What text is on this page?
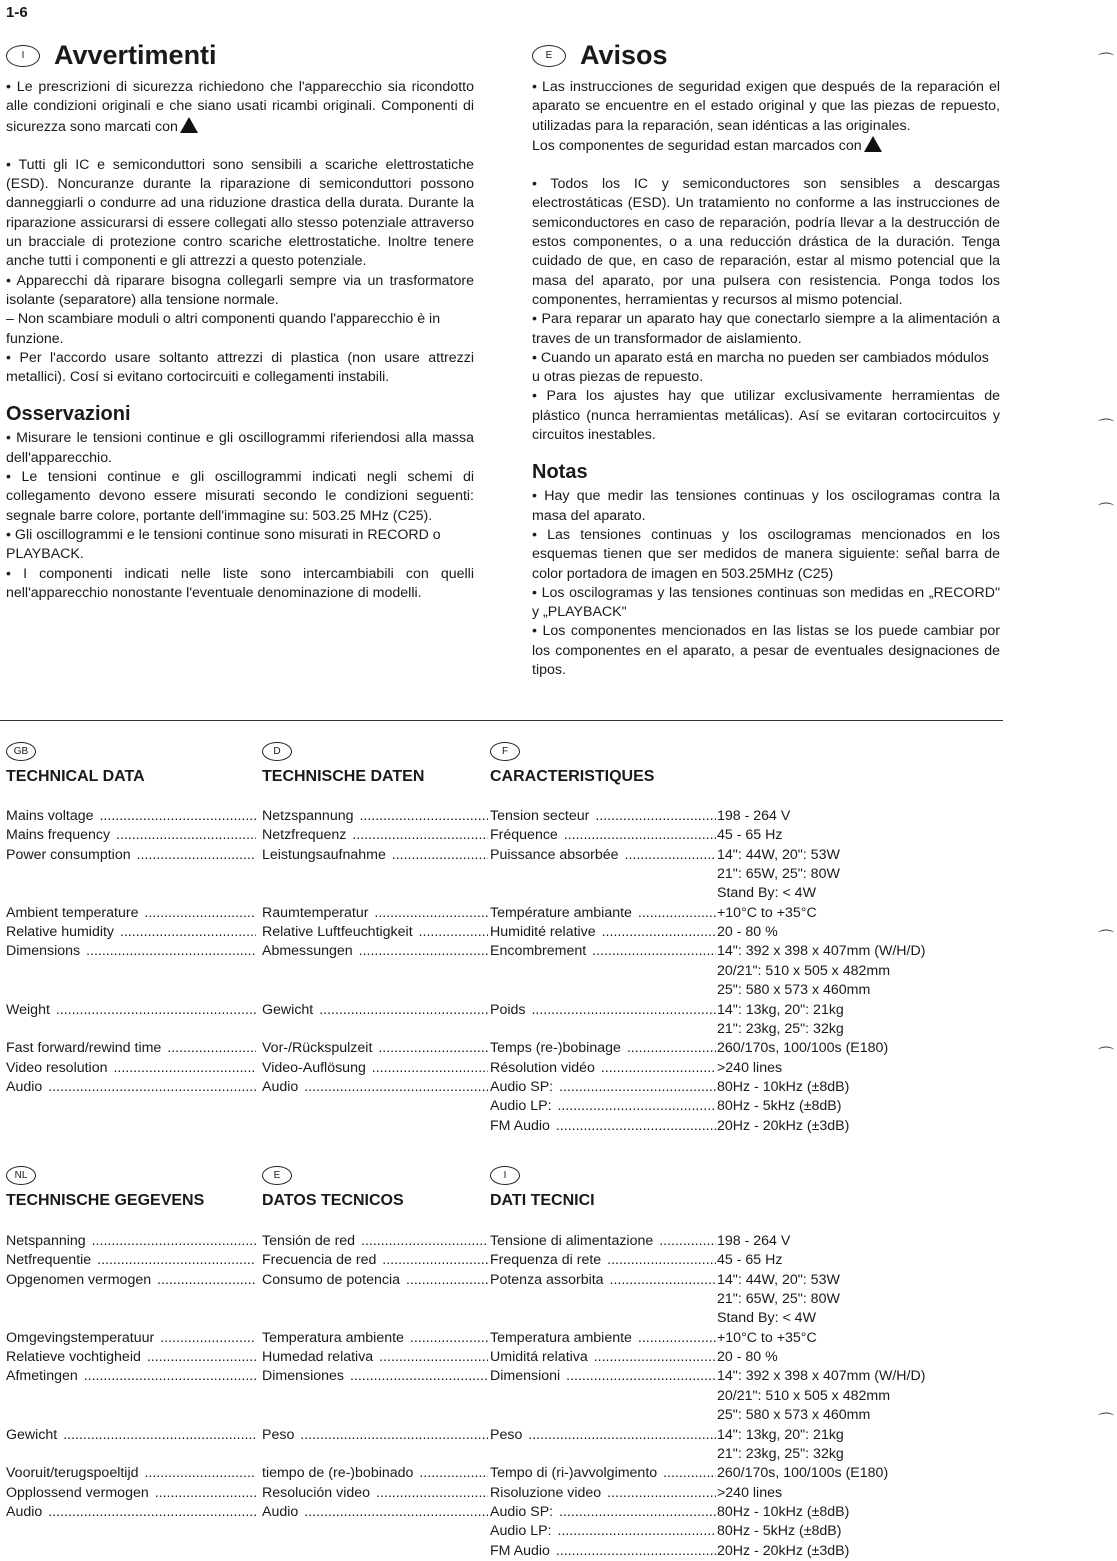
1-6
I	Avvertimenti

• Le prescrizioni di sicurezza richiedono che l'apparecchio sia ricondotto alle condizioni originali e che siano usati ricambi originali. Componenti di sicurezza sono marcati con

• Tutti gli IC e semiconduttori sono sensibili a scariche elettrostatiche (ESD). Noncuranze durante la riparazione di semiconduttori possono danneggiarli o condurre ad una riduzione drastica della durata. Durante la riparazione assicurarsi di essere collegati allo stesso potenziale attraverso un bracciale di protezione contro scariche elettrostatiche. Inoltre tenere anche tutti i componenti e gli attrezzi a questo potenziale.

• Apparecchi dà riparare bisogna collegarli sempre via un trasformatore isolante (separatore) alla tensione normale.

– Non scambiare moduli o altri componenti quando l'apparecchio è in funzione.

• Per l'accordo usare soltanto attrezzi di plastica (non usare attrezzi metallici). Cosí si evitano cortocircuiti e collegamenti instabili.

Osservazioni

• Misurare le tensioni continue e gli oscillogrammi riferiendosi alla massa dell'apparecchio.

• Le tensioni continue e gli oscillogrammi indicati negli schemi di collegamento devono essere misurati secondo le condizioni seguenti: segnale barre colore, portante dell'immagine su: 503.25 MHz (C25).

• Gli oscillogrammi e le tensioni continue sono misurati in RECORD o PLAYBACK.

• I componenti indicati nelle liste sono intercambiabili con quelli nell'apparecchio nonostante l'eventuale denominazione di modelli.

E	Avisos

• Las instrucciones de seguridad exigen que después de la reparación el aparato se encuentre en el estado original y que las piezas de repuesto, utilizadas para la reparación, sean idénticas a las originales.

Los componentes de seguridad estan marcados con

• Todos los IC y semiconductores son sensibles a descargas electrostáticas (ESD). Un tratamiento no conforme a las instrucciones de semiconductores en caso de reparación, podría llevar a la destrucción de estos componentes, o a una reducción drástica de la duración. Tenga cuidado de que, en caso de reparación, estar al mismo potencial que la masa del aparato, por una pulsera con resistencia. Ponga todos los componentes, herramientas y recursos al mismo potencial.

• Para reparar un aparato hay que conectarlo siempre a la alimentación a traves de un transformador de aislamiento.

• Cuando un aparato está en marcha no pueden ser cambiados módulos u otras piezas de repuesto.

• Para los ajustes hay que utilizar exclusivamente herramientas de plástico (nunca herramientas metálicas). Así se evitaran cortocircuitos y circuitos inestables.

Notas

• Hay que medir las tensiones continuas y los oscilogramas contra la masa del aparato.

• Las tensiones continuas y los oscilogramas mencionados en los esquemas tienen que ser medidos de manera siguiente: señal barra de color portadora de imagen en 503.25MHz (C25)

• Los oscilogramas y las tensiones continuas son medidas en „RECORD" y „PLAYBACK"

• Los componentes mencionados en las listas se los puede cambiar por los componentes en el aparato, a pesar de eventuales designaciones de tipos.

GB	D	F
TECHNICAL DATA	TECHNISCHE DATEN	CARACTERISTIQUES
Mains voltage .....	Netzspannung .....	Tension secteur .....	198 - 264 V
Mains frequency .....	Netzfrequenz .....	Fréquence .....	45 - 65 Hz
Power consumption .....	Leistungsaufnahme .....	Puissance absorbée .....	14": 44W, 20": 53W
21": 65W, 25": 80W
Stand By: < 4W
Ambient temperature .....	Raumtemperatur .....	Température ambiante .....	+10°C to +35°C
Relative humidity .....	Relative Luftfeuchtigkeit .....	Humidité relative .....	20 - 80 %
Dimensions .....	Abmessungen .....	Encombrement .....	14": 392 x 398 x 407mm (W/H/D)
20/21": 510 x 505 x 482mm
25": 580 x 573 x 460mm
Weight .....	Gewicht .....	Poids .....	14": 13kg, 20": 21kg
21": 23kg, 25": 32kg
Fast forward/rewind time .....	Vor-/Rückspulzeit .....	Temps (re-)bobinage .....	260/170s, 100/100s (E180)
Video resolution .....	Video-Auflösung .....	Résolution vidéo .....	>240 lines
Audio .....	Audio .....	Audio SP: .....	80Hz - 10kHz (±8dB)
Audio LP: .....	80Hz - 5kHz (±8dB)
FM Audio .....	20Hz - 20kHz (±3dB)
NL	E	I
TECHNISCHE GEGEVENS	DATOS TECNICOS	DATI TECNICI
Netspanning .....	Tensión de red .....	Tensione di alimentazione .....	198 - 264 V
Netfrequentie .....	Frecuencia de red .....	Frequenza di rete .....	45 - 65 Hz
Opgenomen vermogen .....	Consumo de potencia .....	Potenza assorbita .....	14": 44W, 20": 53W
21": 65W, 25": 80W
Stand By: < 4W
Omgevingstemperatuur .....	Temperatura ambiente .....	Temperatura ambiente .....	+10°C to +35°C
Relatieve vochtigheid .....	Humedad relativa .....	Umiditá relativa .....	20 - 80 %
Afmetingen .....	Dimensiones .....	Dimensioni .....	14": 392 x 398 x 407mm (W/H/D)
20/21": 510 x 505 x 482mm
25": 580 x 573 x 460mm
Gewicht .....	Peso .....	Peso .....	14": 13kg, 20": 21kg
21": 23kg, 25": 32kg
Vooruit/terugspoeltijd .....	tiempo de (re-)bobinado .....	Tempo di (ri-)avvolgimento .....	260/170s, 100/100s (E180)
Opplossend vermogen .....	Resolución video .....	Risoluzione video .....	>240 lines
Audio .....	Audio .....	Audio SP: .....	80Hz - 10kHz (±8dB)
Audio LP: .....	80Hz - 5kHz (±8dB)
FM Audio .....	20Hz - 20kHz (±3dB)
⌒
⌒
⌒
⌒
⌒
⌒
